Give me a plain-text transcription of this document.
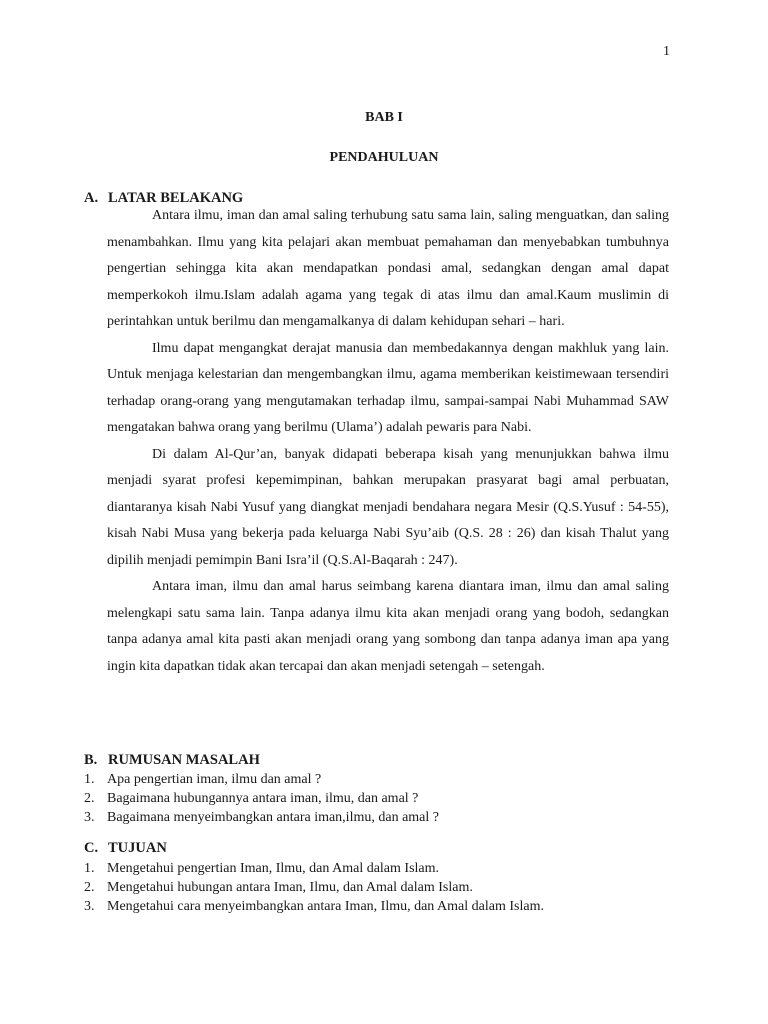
1
BAB I
PENDAHULUAN
A. LATAR BELAKANG

Antara ilmu, iman dan amal saling terhubung satu sama lain, saling menguatkan, dan saling menambahkan. Ilmu yang kita pelajari akan membuat pemahaman dan menyebabkan tumbuhnya pengertian sehingga kita akan mendapatkan pondasi amal, sedangkan dengan amal dapat memperkokoh ilmu.Islam adalah agama yang tegak di atas ilmu dan amal.Kaum muslimin di perintahkan untuk berilmu dan mengamalkanya di dalam kehidupan sehari – hari.

Ilmu dapat mengangkat derajat manusia dan membedakannya dengan makhluk yang lain. Untuk menjaga kelestarian dan mengembangkan ilmu, agama memberikan keistimewaan tersendiri terhadap orang-orang yang mengutamakan terhadap ilmu, sampai-sampai Nabi Muhammad SAW mengatakan bahwa orang yang berilmu (Ulama’) adalah pewaris para Nabi.

Di dalam Al-Qur’an, banyak didapati beberapa kisah yang menunjukkan bahwa ilmu menjadi syarat profesi kepemimpinan, bahkan merupakan prasyarat bagi amal perbuatan, diantaranya kisah Nabi Yusuf yang diangkat menjadi bendahara negara Mesir (Q.S.Yusuf : 54-55), kisah Nabi Musa yang bekerja pada keluarga Nabi Syu’aib (Q.S. 28 : 26) dan kisah Thalut yang dipilih menjadi pemimpin Bani Isra’il (Q.S.Al-Baqarah : 247).

Antara iman, ilmu dan amal harus seimbang karena diantara iman, ilmu dan amal saling melengkapi satu sama lain. Tanpa adanya ilmu kita akan menjadi orang yang bodoh, sedangkan tanpa adanya amal kita pasti akan menjadi orang yang sombong dan tanpa adanya iman apa yang ingin kita dapatkan tidak akan tercapai dan akan menjadi setengah – setengah.

B. RUMUSAN MASALAH
1. Apa pengertian iman, ilmu dan amal ?
2. Bagaimana hubungannya antara iman, ilmu, dan amal ?
3. Bagaimana menyeimbangkan antara iman,ilmu, dan amal ?
C. TUJUAN
1. Mengetahui pengertian Iman, Ilmu, dan Amal dalam Islam.
2. Mengetahui hubungan antara Iman, Ilmu, dan Amal dalam Islam.
3. Mengetahui cara menyeimbangkan antara Iman, Ilmu, dan Amal dalam Islam.
